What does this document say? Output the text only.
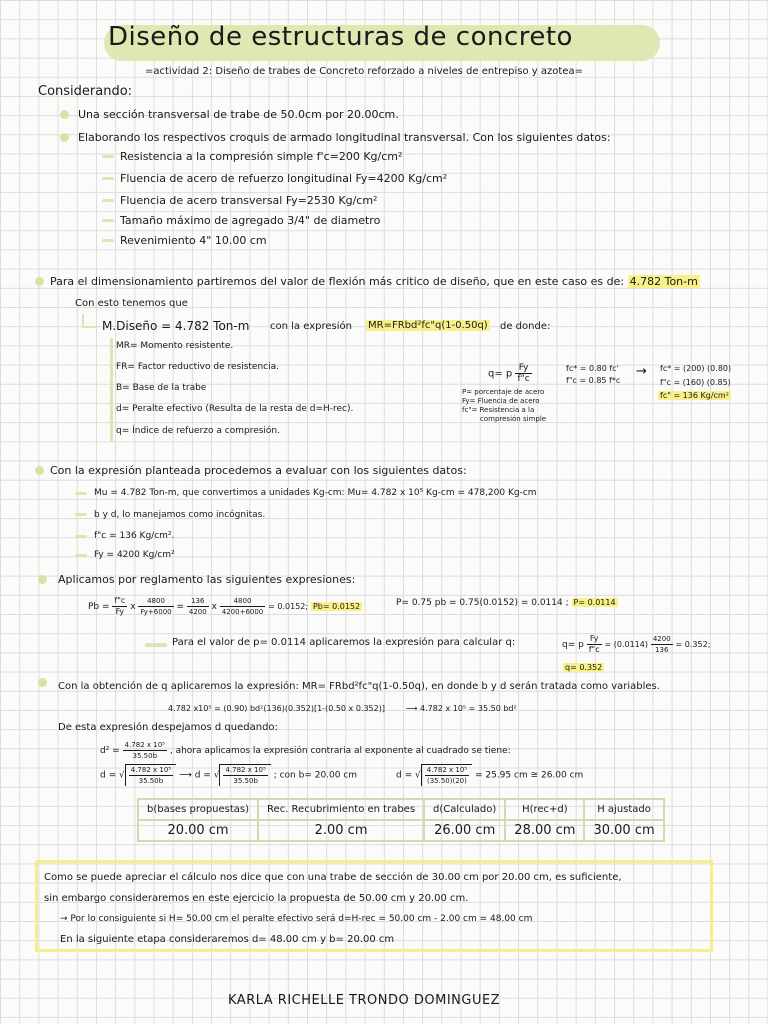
Diseño de estructuras de concreto
=actividad 2: Diseño de trabes de Concreto reforzado a niveles de entrepiso y azotea=
Considerando:
Una sección transversal de trabe de 50.0cm por 20.00cm.
Elaborando los respectivos croquis de armado longitudinal transversal. Con los siguientes datos:
Resistencia a la compresión simple f'c=200 Kg/cm²
Fluencia de acero de refuerzo longitudinal Fy=4200 Kg/cm²
Fluencia de acero transversal Fy=2530 Kg/cm²
Tamaño máximo de agregado 3/4" de diametro
Revenimiento 4" 10.00 cm
Para el dimensionamiento partiremos del valor de flexión más critico de diseño, que en este caso es de: 4.782 Ton-m
Con esto tenemos que
M.Diseño = 4.782 Ton-m con la expresión MR=FRbd²fc"q(1-0.50q) de donde:
MR= Momento resistente.
FR= Factor reductivo de resistencia.
B= Base de la trabe
d= Peralte efectivo (Resulta de la resta de d=H-rec).
q= Índice de refuerzo a compresión.
q= p $\frac{Fy}{f"c}$
P= porcentaje de acero
Fy= Fluencia de acero
fc"= Resistencia a la
compresión simple
fc* = 0.80 fc'
f"c = 0.85 f*c
→ fc* = (200) (0.80)
f"c = (160) (0.85)
fc" = 136 Kg/cm²
Con la expresión planteada procedemos a evaluar con los siguientes datos:
Mu = 4.782 Ton-m, que convertimos a unidades Kg-cm: Mu= 4.782 x 10⁵ Kg-cm = 478,200 Kg-cm
b y d, lo manejamos como incógnitas.
f"c = 136 Kg/cm².
Fy = 4200 Kg/cm²
Aplicamos por reglamento las siguientes expresiones:
$Pb = \frac{f"c}{Fy}$ x $\frac{4800}{Fy+6000} = \frac{136}{4200}$ x $\frac{4800}{4200+6000} = 0.0152$; Pb= 0.0152	P= 0.75 pb = 0.75(0.0152) = 0.0114 ; P= 0.0114
Para el valor de p= 0.0114 aplicaremos la expresión para calcular q:	q= p $\frac{Fy}{f"c} = (0.0114) \frac{4200}{136} = 0.352$;
q= 0.352
Con la obtención de q aplicaremos la expresión: MR= FRbd²fc"q(1-0.50q), en donde b y d serán tratada como variables.
4.782 x10⁵ = (0.90) bd²(136)(0.352)[1-(0.50 x 0.352)]	⟶ 4.782 x 10⁵ = 35.50 bd²
De esta expresión despejamos d quedando:
$d^2 = \frac{\text{4.782 x 10⁵}}{35.50b}$ , ahora aplicamos la expresión contraria al exponente al cuadrado se tiene:
d = √ $\frac{\text{4.782 x 10⁵}}{35.50b}$ ⟶ d = √ $\frac{\text{4.782 x 10⁵}}{35.50b}$ ; con b= 20.00 cm	d = √ $\frac{\text{4.782 x 10⁵}}{(35.50)(20)} = 25.95$ cm ≅ 26.00 cm
b(bases propuestas)	Rec. Recubrimiento en trabes	d(Calculado)	H(rec+d)	H ajustado
20.00 cm	2.00 cm	26.00 cm	28.00 cm	30.00 cm
Como se puede apreciar el cálculo nos dice que con una trabe de sección de 30.00 cm por 20.00 cm, es suficiente,
sin embargo consideraremos en este ejercicio la propuesta de 50.00 cm y 20.00 cm.
→ Por lo consiguiente si H= 50.00 cm el peralte efectivo será d=H-rec = 50.00 cm - 2.00 cm = 48.00 cm
En la siguiente etapa consideraremos d= 48.00 cm y b= 20.00 cm
KARLA RICHELLE TRONDO DOMINGUEZ
